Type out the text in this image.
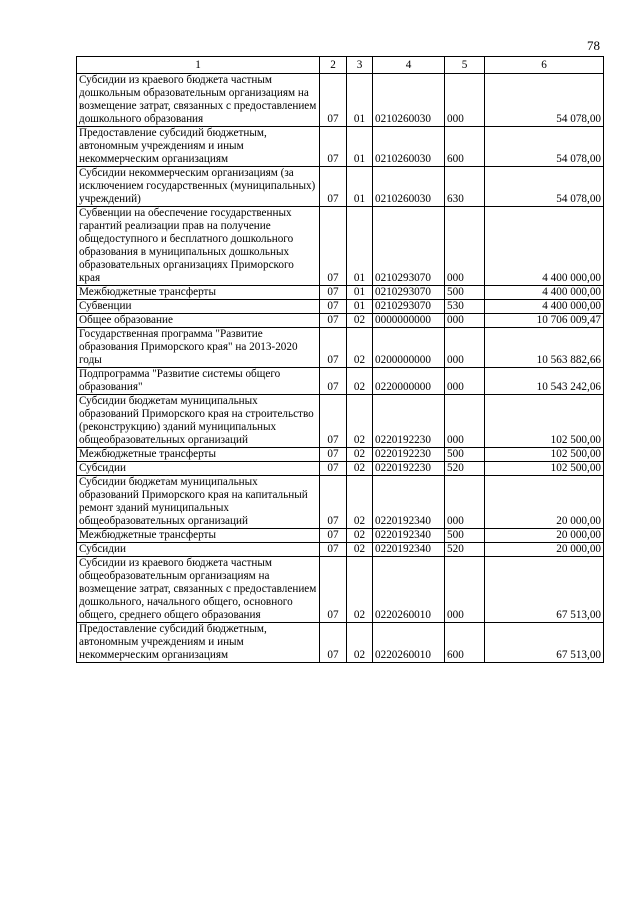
78
1	2	3	4	5	6
Субсидии из краевого бюджета частным дошкольным образовательным организациям на возмещение затрат, связанных с предоставлением дошкольного образования	07	01	0210260030	000	54 078,00
Предоставление субсидий бюджетным, автономным учреждениям и иным некоммерческим организациям	07	01	0210260030	600	54 078,00
Субсидии некоммерческим организациям (за исключением государственных (муниципальных) учреждений)	07	01	0210260030	630	54 078,00
Субвенции на обеспечение государственных гарантий реализации прав на получение общедоступного и бесплатного дошкольного образования в муниципальных дошкольных образовательных организациях Приморского края	07	01	0210293070	000	4 400 000,00
Межбюджетные трансферты	07	01	0210293070	500	4 400 000,00
Субвенции	07	01	0210293070	530	4 400 000,00
Общее образование	07	02	0000000000	000	10 706 009,47
Государственная программа "Развитие образования Приморского края" на 2013-2020 годы	07	02	0200000000	000	10 563 882,66
Подпрограмма "Развитие системы общего образования"	07	02	0220000000	000	10 543 242,06
Субсидии бюджетам муниципальных образований Приморского края на строительство (реконструкцию) зданий муниципальных общеобразовательных организаций	07	02	0220192230	000	102 500,00
Межбюджетные трансферты	07	02	0220192230	500	102 500,00
Субсидии	07	02	0220192230	520	102 500,00
Субсидии бюджетам муниципальных образований Приморского края на капитальный ремонт зданий муниципальных общеобразовательных организаций	07	02	0220192340	000	20 000,00
Межбюджетные трансферты	07	02	0220192340	500	20 000,00
Субсидии	07	02	0220192340	520	20 000,00
Субсидии из краевого бюджета частным общеобразовательным организациям на возмещение затрат, связанных с предоставлением дошкольного, начального общего, основного общего, среднего общего образования	07	02	0220260010	000	67 513,00
Предоставление субсидий бюджетным, автономным учреждениям и иным некоммерческим организациям	07	02	0220260010	600	67 513,00
